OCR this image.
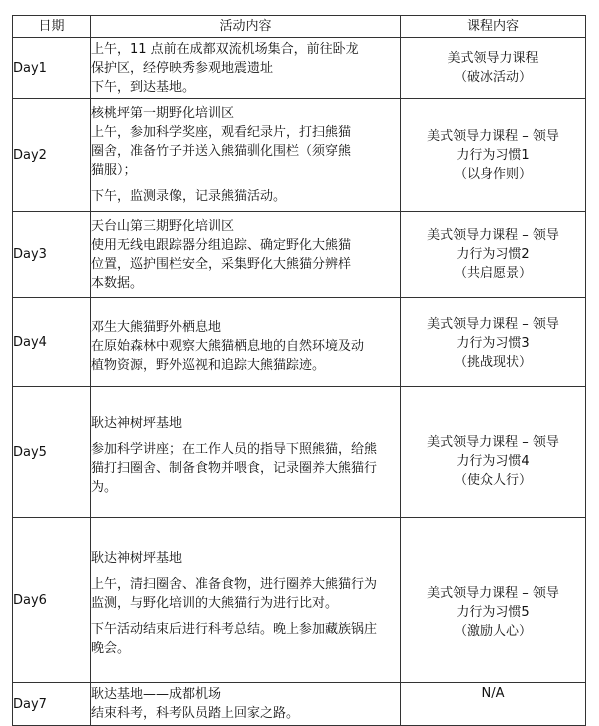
日期	活动内容	课程内容
Day1	上午，11 点前在成都双流机场集合，前往卧龙
保护区，经停映秀参观地震遗址
下午，到达基地。	美式领导力课程
（破冰活动）

Day2	核桃坪第一期野化培训区
上午，参加科学奖座，观看纪录片，打扫熊猫
圈舍，准备竹子并送入熊猫驯化围栏（须穿熊
猫服）；
下午，监测录像，记录熊猫活动。	美式领导力课程 – 领导
力行为习惯1
（以身作则）

Day3	天台山第三期野化培训区
使用无线电跟踪器分组追踪、确定野化大熊猫
位置，巡护围栏安全，采集野化大熊猫分辨样
本数据。	美式领导力课程 – 领导
力行为习惯2
（共启愿景）

Day4	邓生大熊猫野外栖息地
在原始森林中观察大熊猫栖息地的自然环境及动
植物资源，野外巡视和追踪大熊猫踪迹。	美式领导力课程 – 领导
力行为习惯3
（挑战现状）

Day5	耿达神树坪基地
参加科学讲座；在工作人员的指导下照熊猫，给熊
猫打扫圈舍、制备食物并喂食，记录圈养大熊猫行
为。	美式领导力课程 – 领导
力行为习惯4
（使众人行）

Day6	耿达神树坪基地
上午，清扫圈舍、准备食物，进行圈养大熊猫行为
监测，与野化培训的大熊猫行为进行比对。
下午活动结束后进行科考总结。晚上参加藏族锅庄
晚会。	美式领导力课程 – 领导
力行为习惯5
（激励人心）

Day7	耿达基地——成都机场
结束科考，科考队员踏上回家之路。	N/A
